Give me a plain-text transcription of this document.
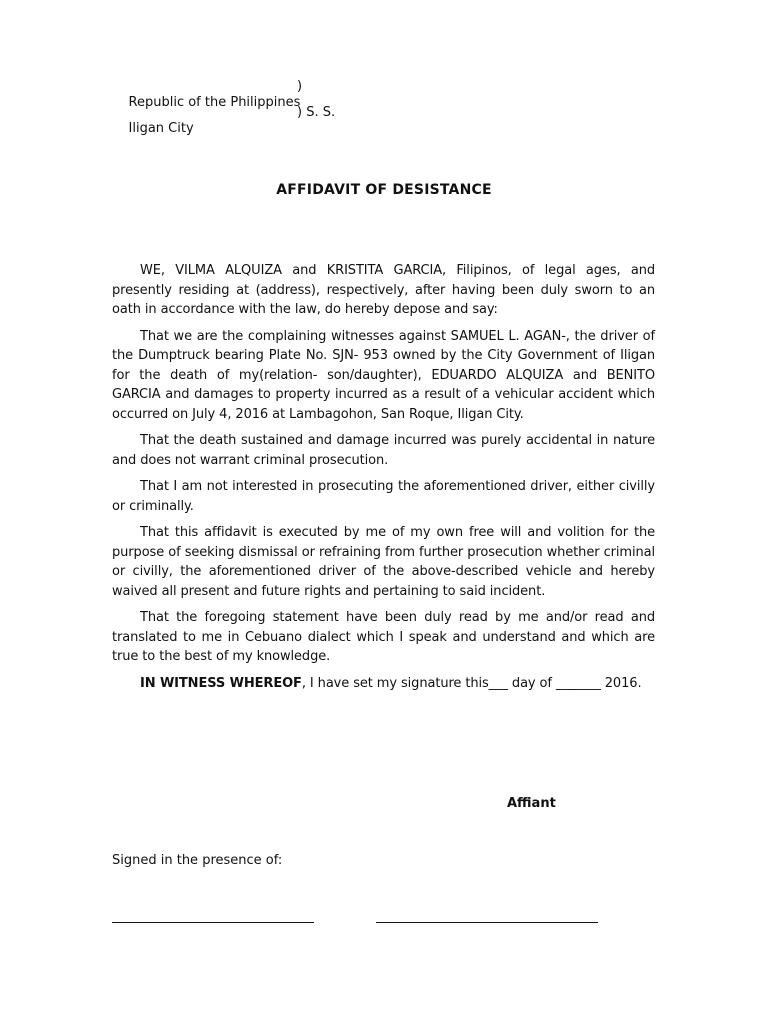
Republic of the Philippines

)

Iligan City

) S. S.
AFFIDAVIT OF DESISTANCE

WE, VILMA ALQUIZA and KRISTITA GARCIA, Filipinos, of legal ages, and presently residing at (address), respectively, after having been duly sworn to an oath in accordance with the law, do hereby depose and say:

That we are the complaining witnesses against SAMUEL L. AGAN-, the driver of the Dumptruck bearing Plate No. SJN- 953 owned by the City Government of Iligan for the death of my(relation- son/daughter), EDUARDO ALQUIZA and BENITO GARCIA and damages to property incurred as a result of a vehicular accident which occurred on July 4, 2016 at Lambagohon, San Roque, Iligan City.

That the death sustained and damage incurred was purely accidental in nature and does not warrant criminal prosecution.

That I am not interested in prosecuting the aforementioned driver, either civilly or criminally.

That this affidavit is executed by me of my own free will and volition for the purpose of seeking dismissal or refraining from further prosecution whether criminal or civilly, the aforementioned driver of the above-described vehicle and hereby waived all present and future rights and pertaining to said incident.

That the foregoing statement have been duly read by me and/or read and translated to me in Cebuano dialect which I speak and understand and which are true to the best of my knowledge.

IN WITNESS WHEREOF, I have set my signature this___ day of _______ 2016.

Affiant
Signed in the presence of:
